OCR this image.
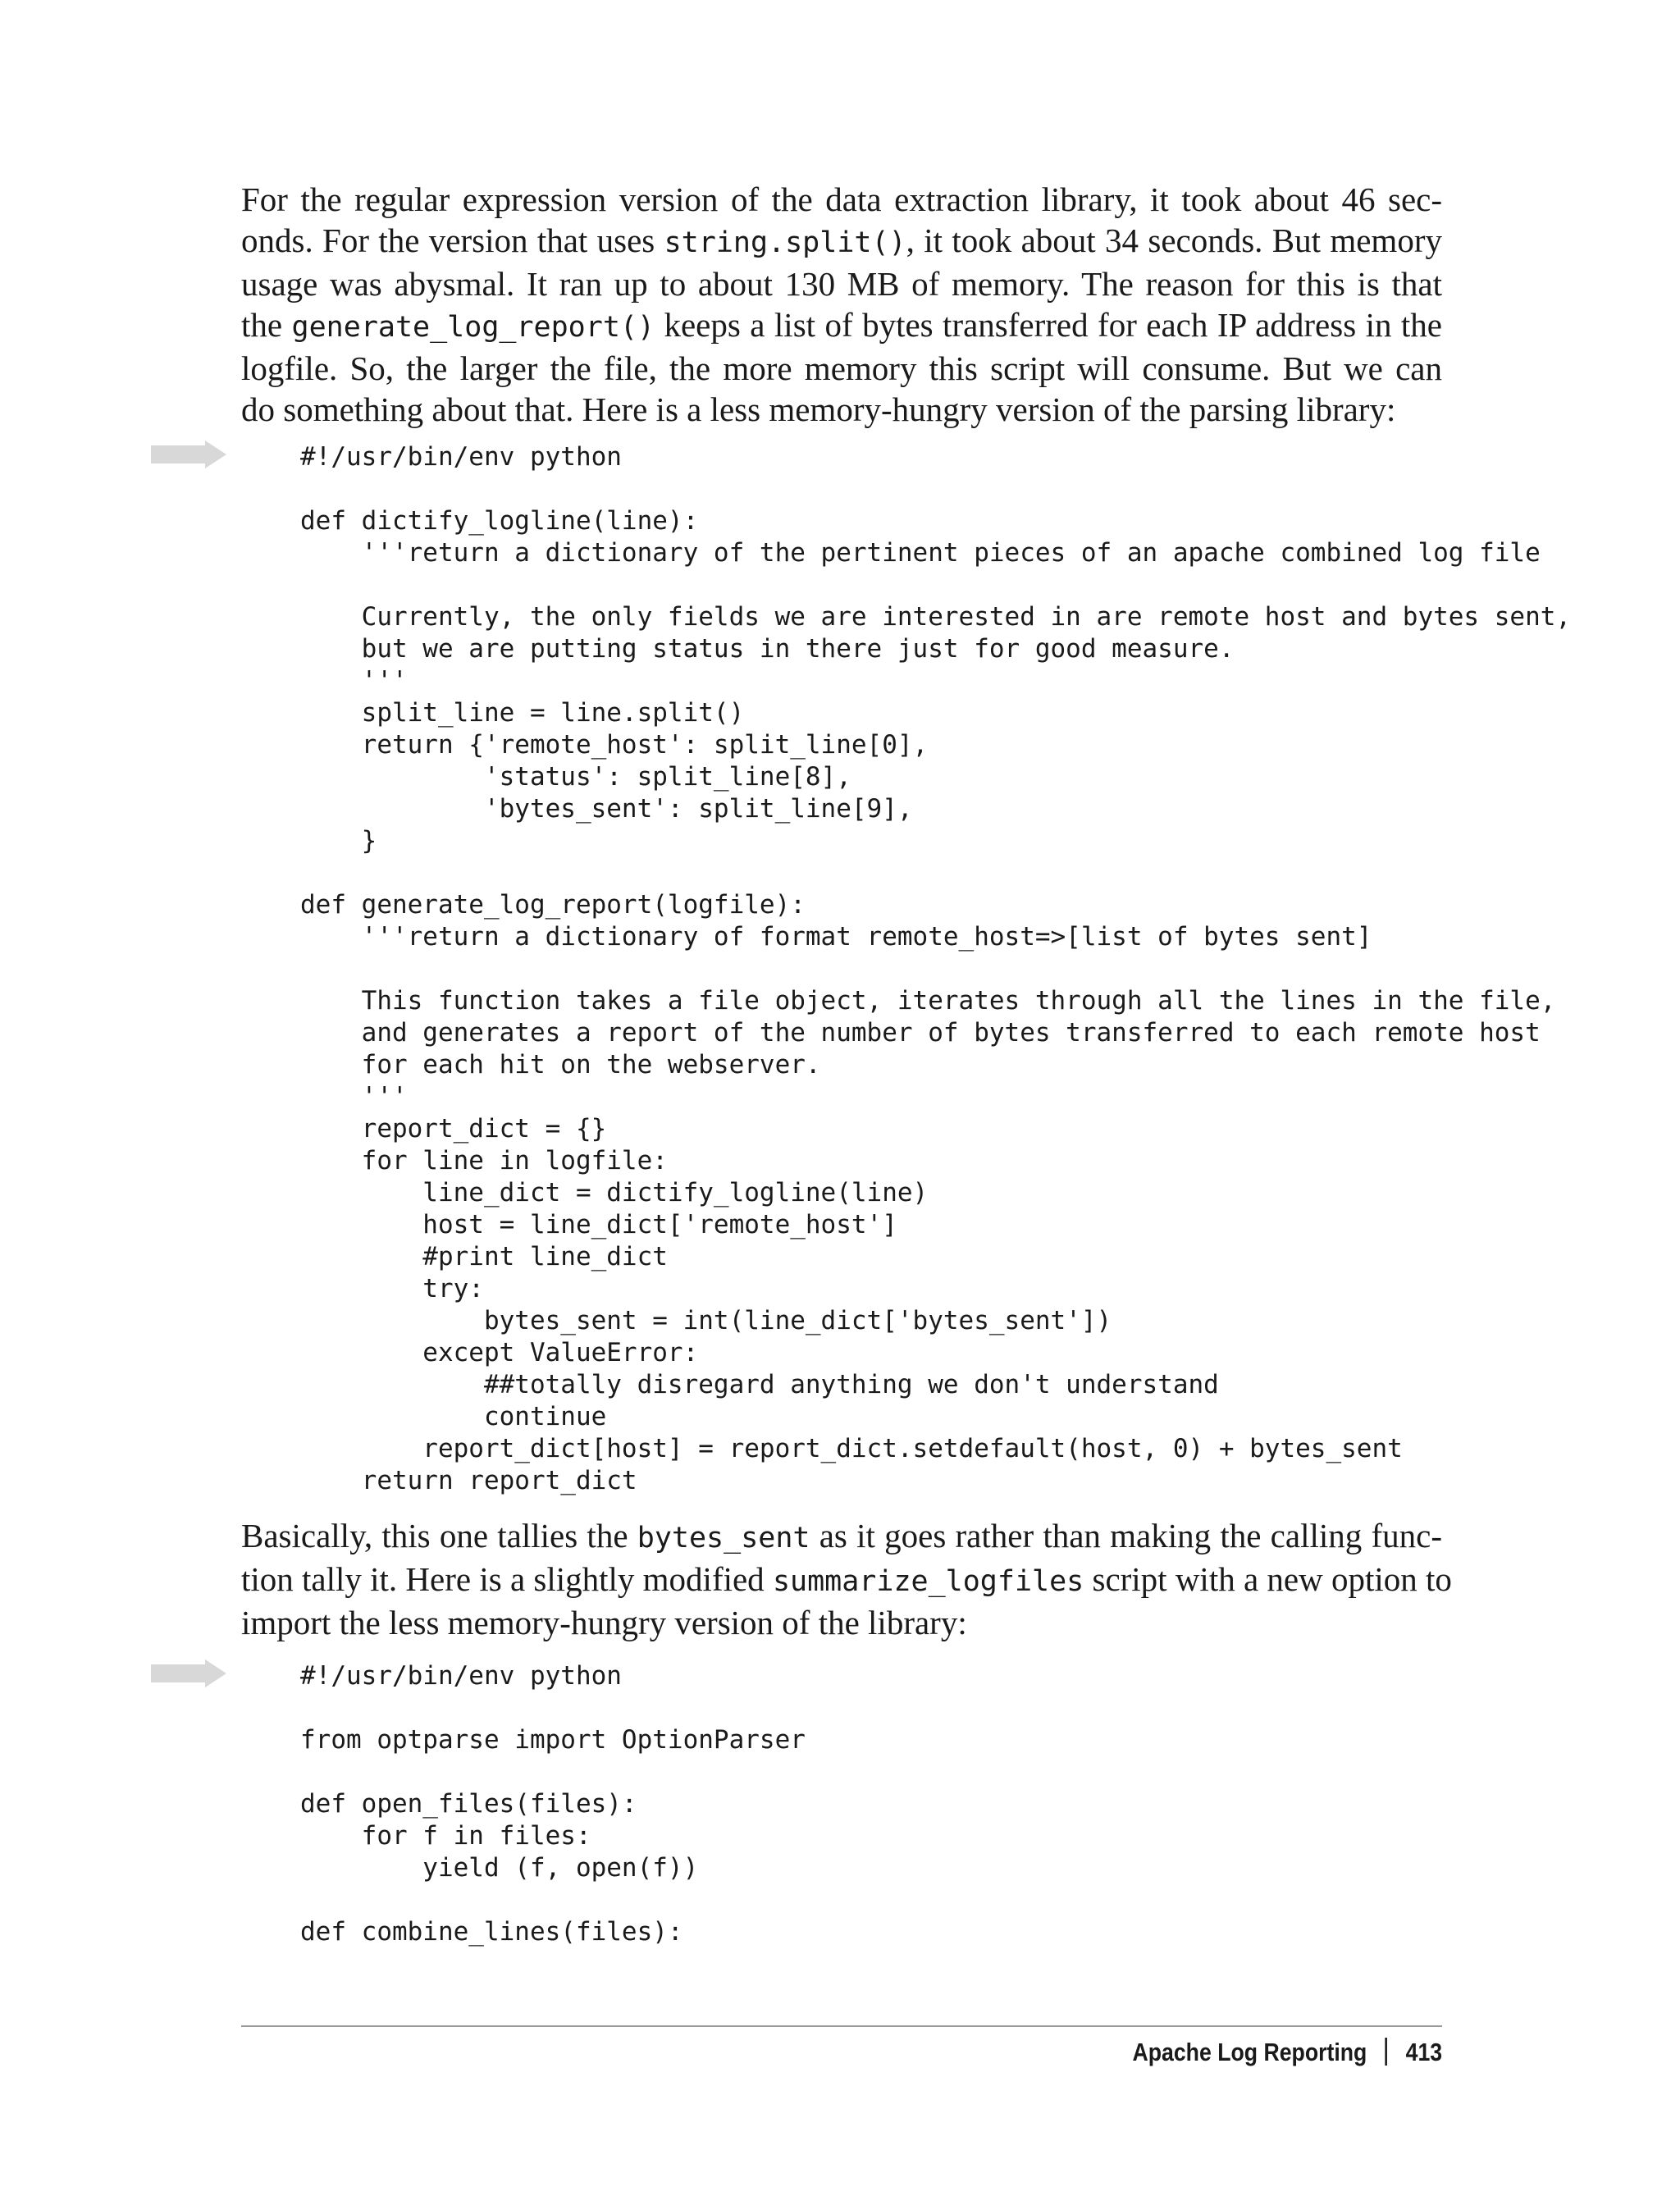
For the regular expression version of the data extraction library, it took about 46 sec-
onds. For the version that uses string.split(), it took about 34 seconds. But memory
usage was abysmal. It ran up to about 130 MB of memory. The reason for this is that
the generate_log_report() keeps a list of bytes transferred for each IP address in the
logfile. So, the larger the file, the more memory this script will consume. But we can
do something about that. Here is a less memory-hungry version of the parsing library:

#!/usr/bin/env python

def dictify_logline(line):
'''return a dictionary of the pertinent pieces of an apache combined log file

Currently, the only fields we are interested in are remote host and bytes sent,
but we are putting status in there just for good measure.
'''
split_line = line.split()
return {'remote_host': split_line[0],
'status': split_line[8],
'bytes_sent': split_line[9],
}

def generate_log_report(logfile):
'''return a dictionary of format remote_host=>[list of bytes sent]

This function takes a file object, iterates through all the lines in the file,
and generates a report of the number of bytes transferred to each remote host
for each hit on the webserver.
'''
report_dict = {}
for line in logfile:
line_dict = dictify_logline(line)
host = line_dict['remote_host']
#print line_dict
try:
bytes_sent = int(line_dict['bytes_sent'])
except ValueError:
##totally disregard anything we don't understand
continue
report_dict[host] = report_dict.setdefault(host, 0) + bytes_sent
return report_dict

Basically, this one tallies the bytes_sent as it goes rather than making the calling func-
tion tally it. Here is a slightly modified summarize_logfiles script with a new option to
import the less memory-hungry version of the library:

#!/usr/bin/env python

from optparse import OptionParser

def open_files(files):
for f in files:
yield (f, open(f))

def combine_lines(files):
Apache Log Reporting 413
